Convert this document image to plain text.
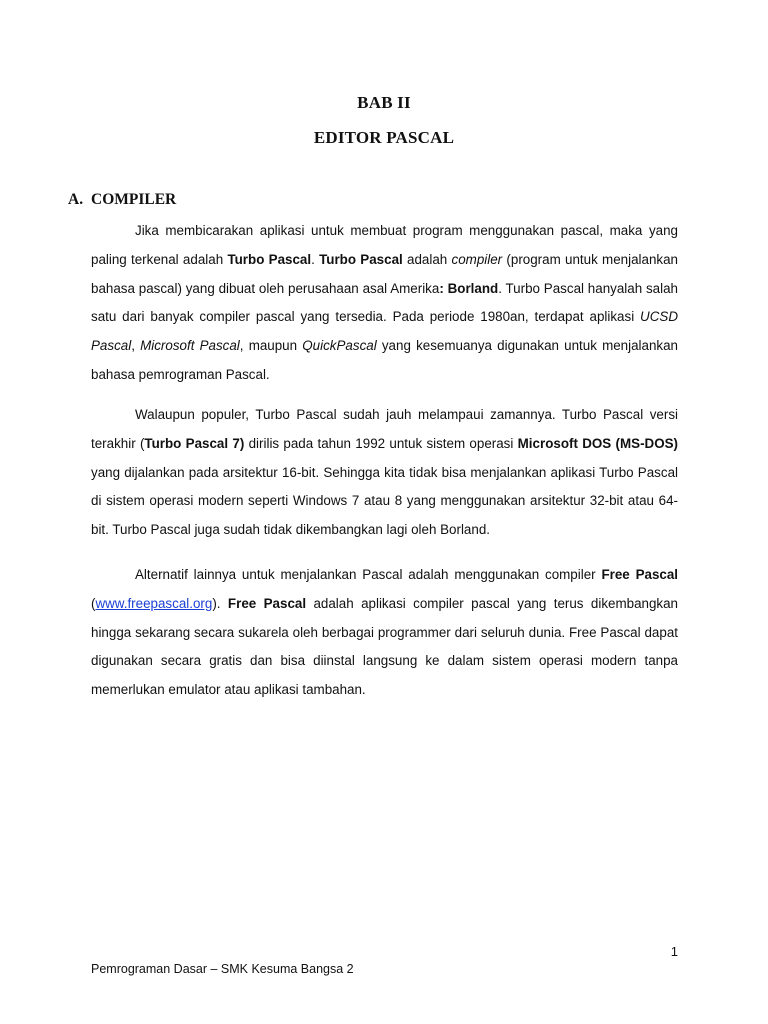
BAB II
EDITOR PASCAL
A. COMPILER

Jika membicarakan aplikasi untuk membuat program menggunakan pascal, maka yang paling terkenal adalah Turbo Pascal. Turbo Pascal adalah compiler (program untuk menjalankan bahasa pascal) yang dibuat oleh perusahaan asal Amerika: Borland. Turbo Pascal hanyalah salah satu dari banyak compiler pascal yang tersedia. Pada periode 1980an, terdapat aplikasi UCSD Pascal, Microsoft Pascal, maupun QuickPascal yang kesemuanya digunakan untuk menjalankan bahasa pemrograman Pascal.

Walaupun populer, Turbo Pascal sudah jauh melampaui zamannya. Turbo Pascal versi terakhir (Turbo Pascal 7) dirilis pada tahun 1992 untuk sistem operasi Microsoft DOS (MS-DOS) yang dijalankan pada arsitektur 16-bit. Sehingga kita tidak bisa menjalankan aplikasi Turbo Pascal di sistem operasi modern seperti Windows 7 atau 8 yang menggunakan arsitektur 32-bit atau 64-bit. Turbo Pascal juga sudah tidak dikembangkan lagi oleh Borland.

Alternatif lainnya untuk menjalankan Pascal adalah menggunakan compiler Free Pascal (www.freepascal.org). Free Pascal adalah aplikasi compiler pascal yang terus dikembangkan hingga sekarang secara sukarela oleh berbagai programmer dari seluruh dunia. Free Pascal dapat digunakan secara gratis dan bisa diinstal langsung ke dalam sistem operasi modern tanpa memerlukan emulator atau aplikasi tambahan.

1
Pemrograman Dasar – SMK Kesuma Bangsa 2
